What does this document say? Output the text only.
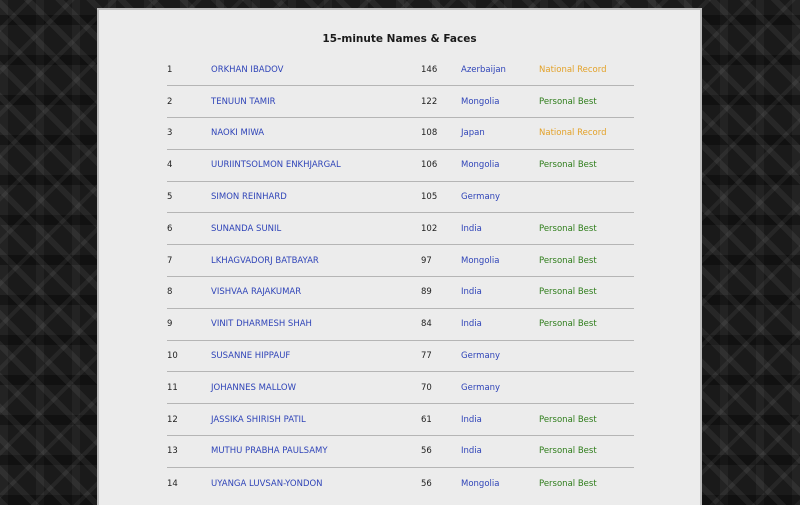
15-minute Names & Faces
1	ORKHAN IBADOV	146	Azerbaijan	National Record
2	TENUUN TAMIR	122	Mongolia	Personal Best
3	NAOKI MIWA	108	Japan	National Record
4	UURIINTSOLMON ENKHJARGAL	106	Mongolia	Personal Best
5	SIMON REINHARD	105	Germany	
6	SUNANDA SUNIL	102	India	Personal Best
7	LKHAGVADORJ BATBAYAR	97	Mongolia	Personal Best
8	VISHVAA RAJAKUMAR	89	India	Personal Best
9	VINIT DHARMESH SHAH	84	India	Personal Best
10	SUSANNE HIPPAUF	77	Germany	
11	JOHANNES MALLOW	70	Germany	
12	JASSIKA SHIRISH PATIL	61	India	Personal Best
13	MUTHU PRABHA PAULSAMY	56	India	Personal Best
14	UYANGA LUVSAN-YONDON	56	Mongolia	Personal Best
